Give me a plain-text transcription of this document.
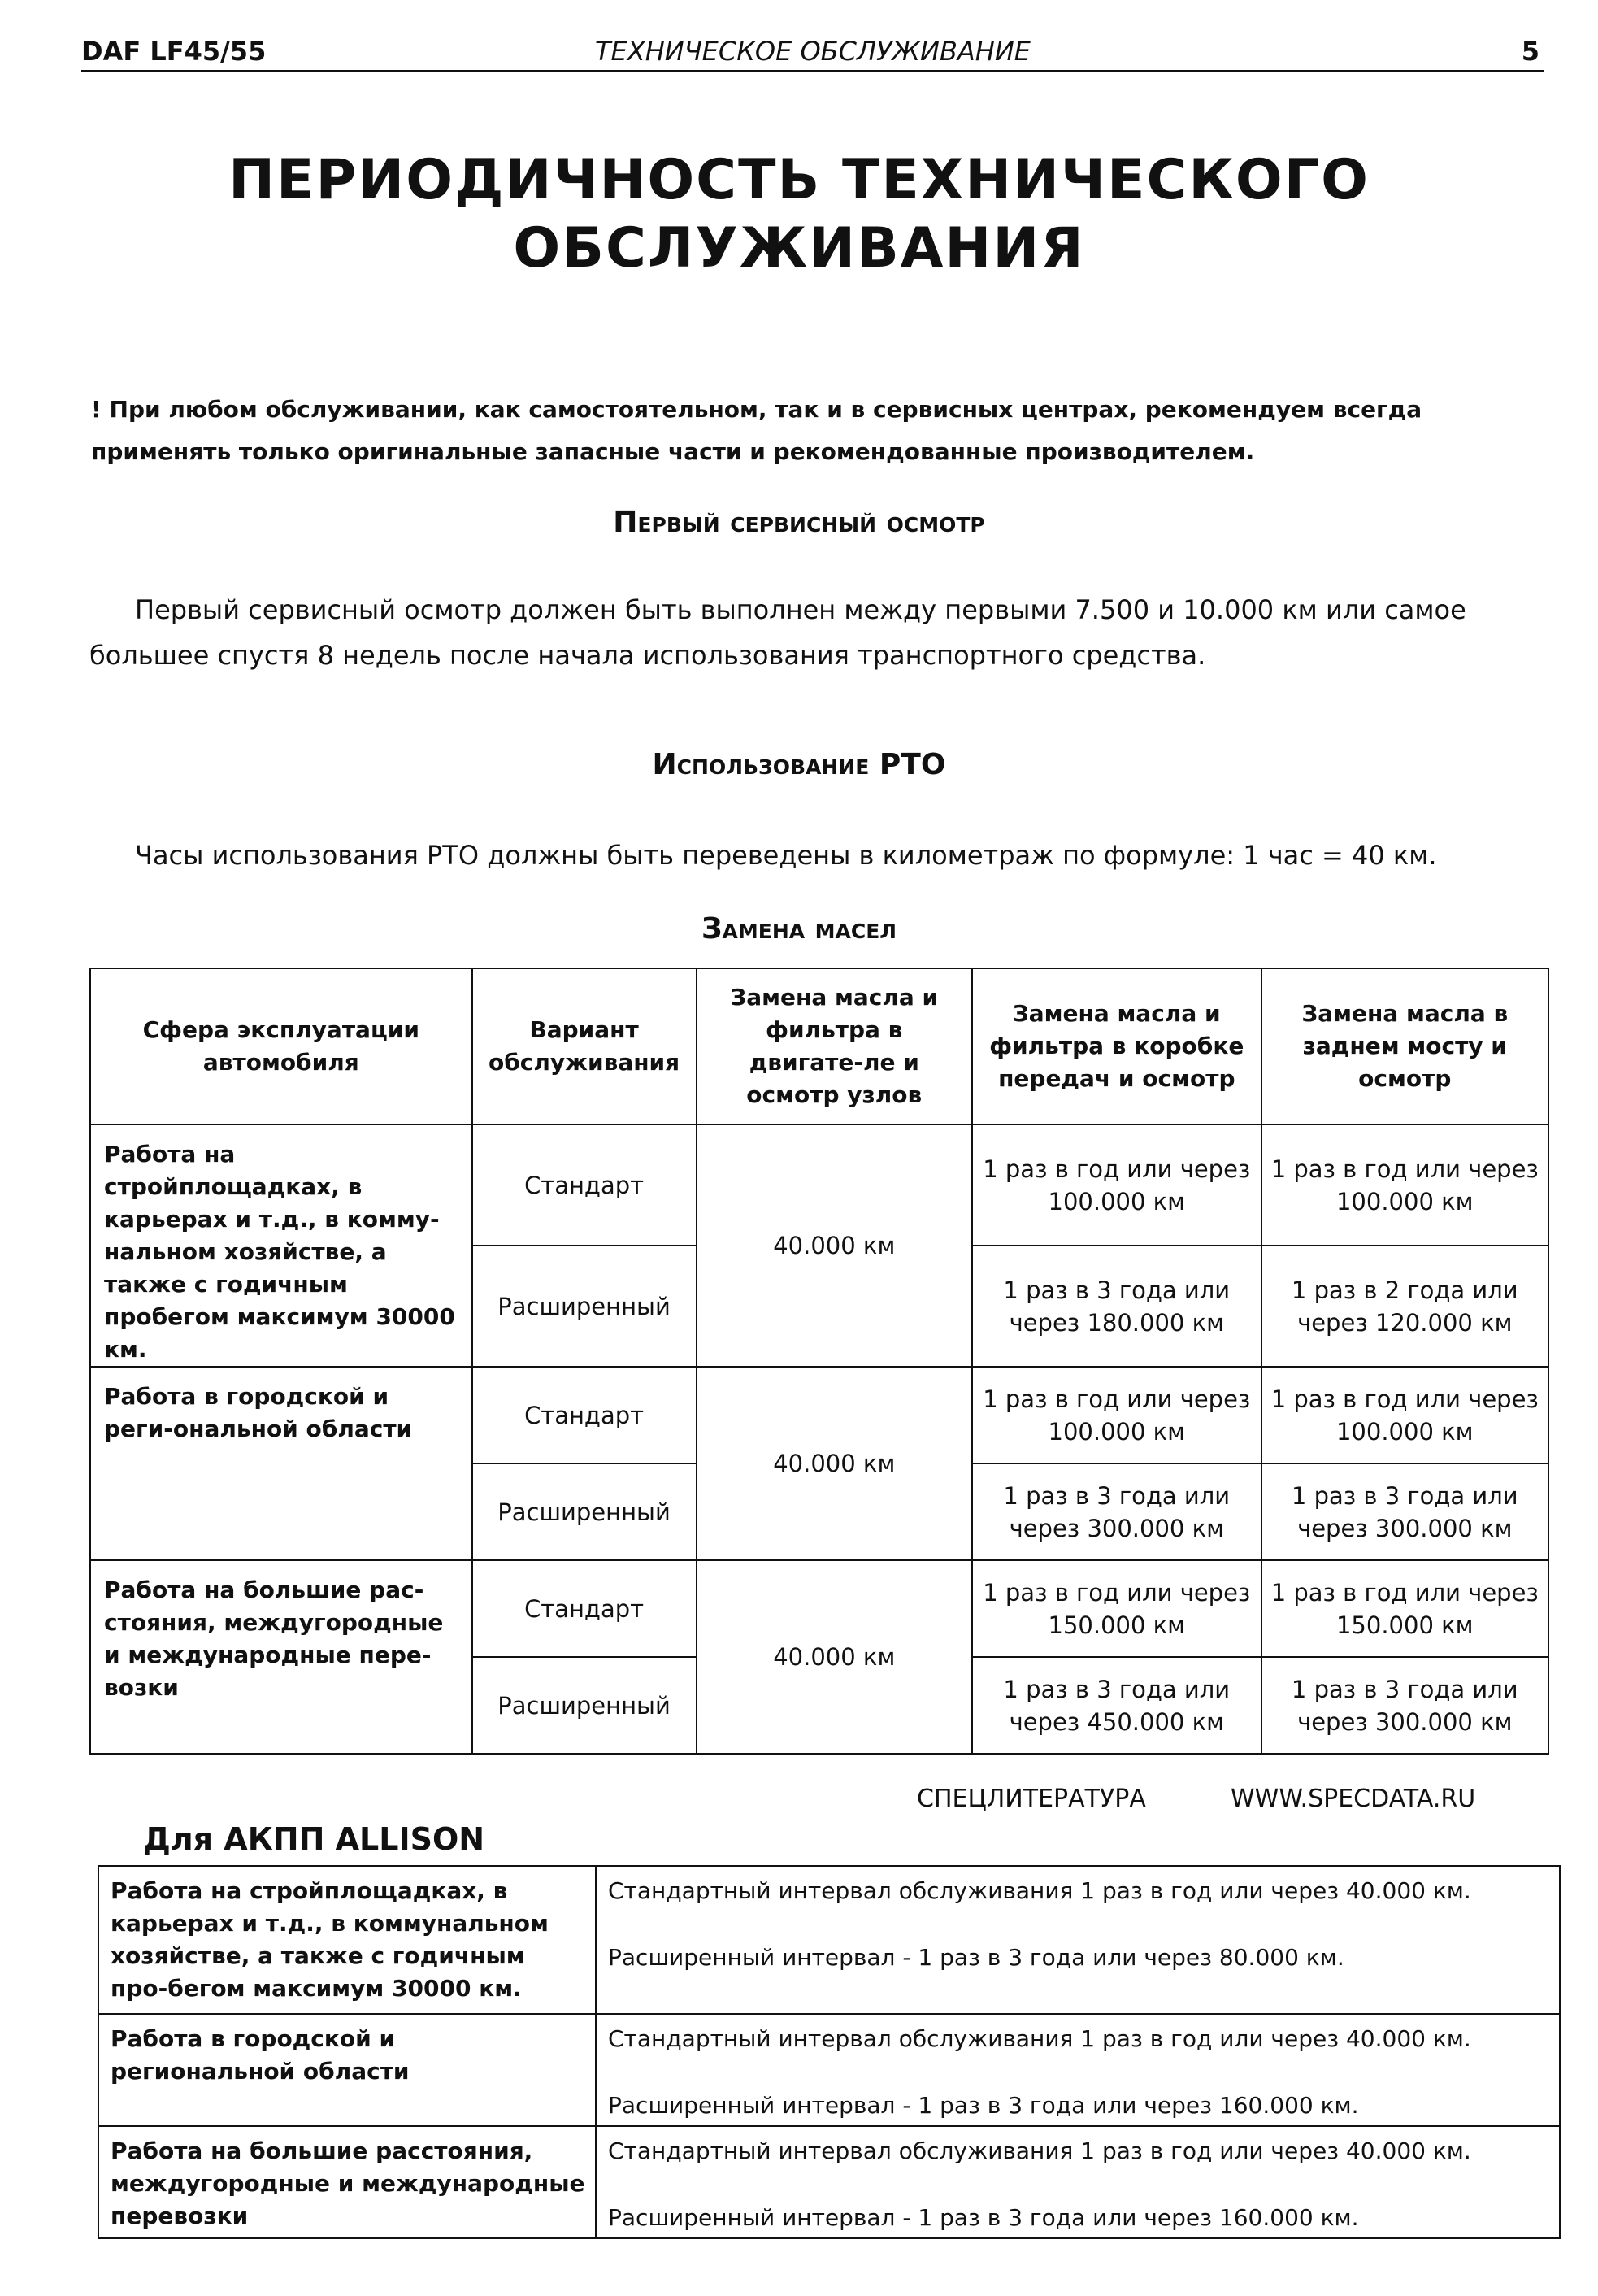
DAF LF45/55	ТЕХНИЧЕСКОЕ ОБСЛУЖИВАНИЕ	5
ПЕРИОДИЧНОСТЬ ТЕХНИЧЕСКОГО
ОБСЛУЖИВАНИЯ
! При любом обслуживании, как самостоятельном, так и в сервисных центрах, рекомендуем всегда применять только оригинальные запасные части и рекомендованные производителем.
Первый сервисный осмотр
Первый сервисный осмотр должен быть выполнен между первыми 7.500 и 10.000 км или самое большее спустя 8 недель после начала использования транспортного средства.
Использование PTO
Часы использования PTO должны быть переведены в километраж по формуле: 1 час = 40 км.
Замена масел
Сфера эксплуатации автомобиля	Вариант обслуживания	Замена масла и фильтра в двигате-ле и осмотр узлов	Замена масла и фильтра в коробке передач и осмотр	Замена масла в заднем мосту и осмотр
Работа на стройплощадках, в карьерах и т.д., в комму-нальном хозяйстве, а также с годичным пробегом максимум 30000 км.	Стандарт	40.000 км	1 раз в год или через 100.000 км	1 раз в год или через 100.000 км
	Расширенный		1 раз в 3 года или через 180.000 км	1 раз в 2 года или через 120.000 км
Работа в городской и реги-ональной области	Стандарт	40.000 км	1 раз в год или через 100.000 км	1 раз в год или через 100.000 км
	Расширенный		1 раз в 3 года или через 300.000 км	1 раз в 3 года или через 300.000 км
Работа на большие рас-стояния, междугородные и международные пере-возки	Стандарт	40.000 км	1 раз в год или через 150.000 км	1 раз в год или через 150.000 км
	Расширенный		1 раз в 3 года или через 450.000 км	1 раз в 3 года или через 300.000 км
СПЕЦЛИТЕРАТУРА	WWW.SPECDATA.RU
Для АКПП ALLISON
Работа на стройплощадках, в карьерах и т.д., в коммунальном хозяйстве, а также с годичным про-бегом максимум 30000 км.	Стандартный интервал обслуживания 1 раз в год или через 40.000 км.
Расширенный интервал - 1 раз в 3 года или через 80.000 км.

Работа в городской и региональной области	Стандартный интервал обслуживания 1 раз в год или через 40.000 км.
Расширенный интервал - 1 раз в 3 года или через 160.000 км.

Работа на большие расстояния, междугородные и международные перевозки	Стандартный интервал обслуживания 1 раз в год или через 40.000 км.
Расширенный интервал - 1 раз в 3 года или через 160.000 км.
